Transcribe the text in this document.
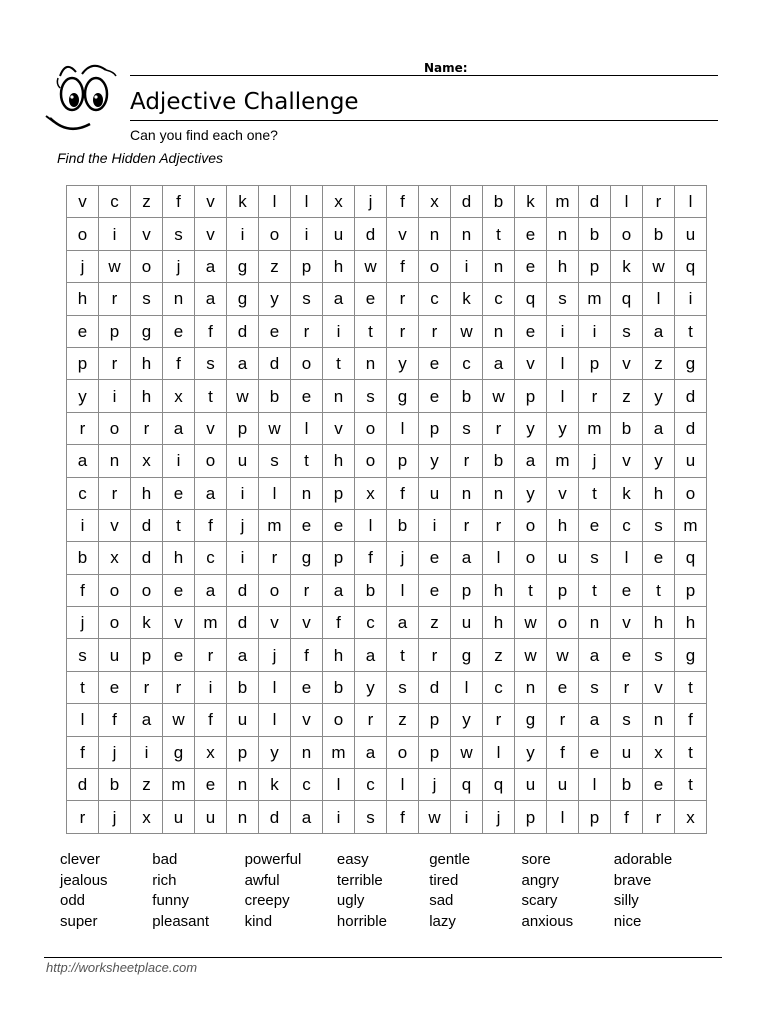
Name:
Adjective Challenge
Can you find each one?
Find the Hidden Adjectives
v	c	z	f	v	k	l	l	x	j	f	x	d	b	k	m	d	l	r	l
o	i	v	s	v	i	o	i	u	d	v	n	n	t	e	n	b	o	b	u
j	w	o	j	a	g	z	p	h	w	f	o	i	n	e	h	p	k	w	q
h	r	s	n	a	g	y	s	a	e	r	c	k	c	q	s	m	q	l	i
e	p	g	e	f	d	e	r	i	t	r	r	w	n	e	i	i	s	a	t
p	r	h	f	s	a	d	o	t	n	y	e	c	a	v	l	p	v	z	g
y	i	h	x	t	w	b	e	n	s	g	e	b	w	p	l	r	z	y	d
r	o	r	a	v	p	w	l	v	o	l	p	s	r	y	y	m	b	a	d
a	n	x	i	o	u	s	t	h	o	p	y	r	b	a	m	j	v	y	u
c	r	h	e	a	i	l	n	p	x	f	u	n	n	y	v	t	k	h	o
i	v	d	t	f	j	m	e	e	l	b	i	r	r	o	h	e	c	s	m
b	x	d	h	c	i	r	g	p	f	j	e	a	l	o	u	s	l	e	q
f	o	o	e	a	d	o	r	a	b	l	e	p	h	t	p	t	e	t	p
j	o	k	v	m	d	v	v	f	c	a	z	u	h	w	o	n	v	h	h
s	u	p	e	r	a	j	f	h	a	t	r	g	z	w	w	a	e	s	g
t	e	r	r	i	b	l	e	b	y	s	d	l	c	n	e	s	r	v	t
l	f	a	w	f	u	l	v	o	r	z	p	y	r	g	r	a	s	n	f
f	j	i	g	x	p	y	n	m	a	o	p	w	l	y	f	e	u	x	t
d	b	z	m	e	n	k	c	l	c	l	j	q	q	u	u	l	b	e	t
r	j	x	u	u	n	d	a	i	s	f	w	i	j	p	l	p	f	r	x
clever	bad	powerful	easy	gentle	sore	adorable
jealous	rich	awful	terrible	tired	angry	brave
odd	funny	creepy	ugly	sad	scary	silly
super	pleasant	kind	horrible	lazy	anxious	nice
http://worksheetplace.com
